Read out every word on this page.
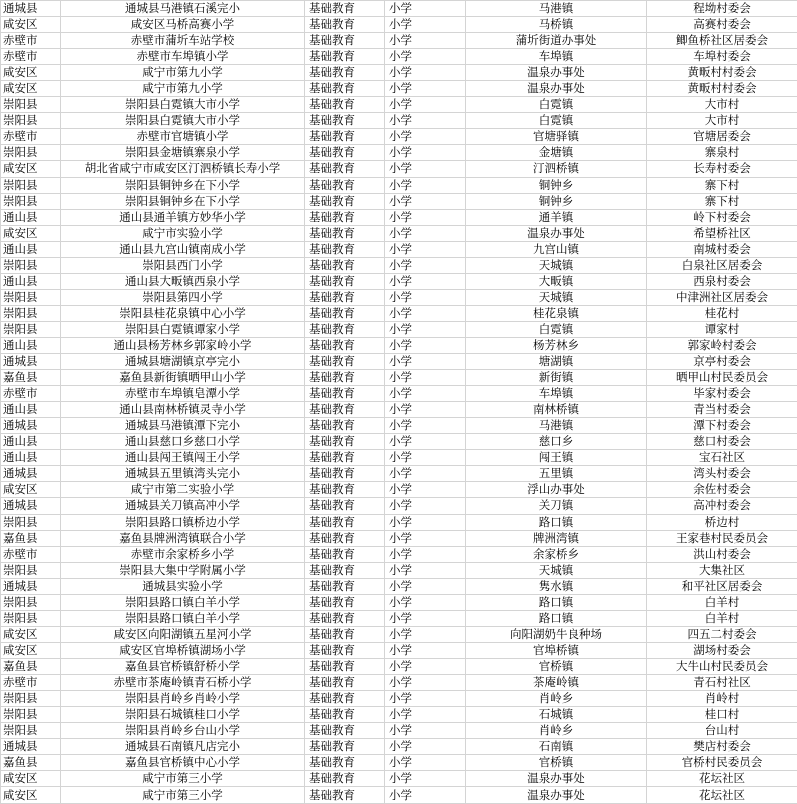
通城县	通城县马港镇石溪完小	基础教育	小学	马港镇	程坳村委会
咸安区	咸安区马桥高赛小学	基础教育	小学	马桥镇	高赛村委会
赤壁市	赤壁市蒲圻车站学校	基础教育	小学	蒲圻街道办事处	鲫鱼桥社区居委会
赤壁市	赤壁市车埠镇小学	基础教育	小学	车埠镇	车埠村委会
咸安区	咸宁市第九小学	基础教育	小学	温泉办事处	黄畈村村委会
咸安区	咸宁市第九小学	基础教育	小学	温泉办事处	黄畈村村委会
崇阳县	崇阳县白霓镇大市小学	基础教育	小学	白霓镇	大市村
崇阳县	崇阳县白霓镇大市小学	基础教育	小学	白霓镇	大市村
赤壁市	赤壁市官塘镇小学	基础教育	小学	官塘驿镇	官塘居委会
崇阳县	崇阳县金塘镇寨泉小学	基础教育	小学	金塘镇	寨泉村
咸安区	胡北省咸宁市咸安区汀泗桥镇长寿小学	基础教育	小学	汀泗桥镇	长寿村委会
崇阳县	崇阳县铜钟乡在下小学	基础教育	小学	铜钟乡	寨下村
崇阳县	崇阳县铜钟乡在下小学	基础教育	小学	铜钟乡	寨下村
通山县	通山县通羊镇方妙华小学	基础教育	小学	通羊镇	岭下村委会
咸安区	咸宁市实验小学	基础教育	小学	温泉办事处	希望桥社区
通山县	通山县九宫山镇南成小学	基础教育	小学	九宫山镇	南城村委会
崇阳县	崇阳县西门小学	基础教育	小学	天城镇	白泉社区居委会
通山县	通山县大畈镇西泉小学	基础教育	小学	大畈镇	西泉村委会
崇阳县	崇阳县第四小学	基础教育	小学	天城镇	中津洲社区居委会
崇阳县	崇阳县桂花泉镇中心小学	基础教育	小学	桂花泉镇	桂花村
崇阳县	崇阳县白霓镇谭家小学	基础教育	小学	白霓镇	谭家村
通山县	通山县杨芳林乡郭家岭小学	基础教育	小学	杨芳林乡	郭家岭村委会
通城县	通城县塘湖镇京亭完小	基础教育	小学	塘湖镇	京亭村委会
嘉鱼县	嘉鱼县新街镇晒甲山小学	基础教育	小学	新街镇	晒甲山村民委员会
赤壁市	赤壁市车埠镇皂潭小学	基础教育	小学	车埠镇	毕家村委会
通山县	通山县南林桥镇灵寺小学	基础教育	小学	南林桥镇	青当村委会
通城县	通城县马港镇潭下完小	基础教育	小学	马港镇	潭下村委会
通山县	通山县慈口乡慈口小学	基础教育	小学	慈口乡	慈口村委会
通山县	通山县闯王镇闯王小学	基础教育	小学	闯王镇	宝石社区
通城县	通城县五里镇湾头完小	基础教育	小学	五里镇	湾头村委会
咸安区	咸宁市第二实验小学	基础教育	小学	浮山办事处	余佐村委会
通城县	通城县关刀镇高冲小学	基础教育	小学	关刀镇	高冲村委会
崇阳县	崇阳县路口镇桥边小学	基础教育	小学	路口镇	桥边村
嘉鱼县	嘉鱼县牌洲湾镇联合小学	基础教育	小学	牌洲湾镇	王家巷村民委员会
赤壁市	赤壁市余家桥乡小学	基础教育	小学	余家桥乡	洪山村委会
崇阳县	崇阳县大集中学附属小学	基础教育	小学	天城镇	大集社区
通城县	通城县实验小学	基础教育	小学	隽水镇	和平社区居委会
崇阳县	崇阳县路口镇白羊小学	基础教育	小学	路口镇	白羊村
崇阳县	崇阳县路口镇白羊小学	基础教育	小学	路口镇	白羊村
咸安区	咸安区向阳湖镇五星河小学	基础教育	小学	向阳湖奶牛良种场	四五二村委会
咸安区	咸安区官埠桥镇湖场小学	基础教育	小学	官埠桥镇	湖场村委会
嘉鱼县	嘉鱼县官桥镇舒桥小学	基础教育	小学	官桥镇	大牛山村民委员会
赤壁市	赤壁市茶庵岭镇青石桥小学	基础教育	小学	茶庵岭镇	青石村社区
崇阳县	崇阳县肖岭乡肖岭小学	基础教育	小学	肖岭乡	肖岭村
崇阳县	崇阳县石城镇桂口小学	基础教育	小学	石城镇	桂口村
崇阳县	崇阳县肖岭乡台山小学	基础教育	小学	肖岭乡	台山村
通城县	通城县石南镇凡店完小	基础教育	小学	石南镇	樊店村委会
嘉鱼县	嘉鱼县官桥镇中心小学	基础教育	小学	官桥镇	官桥村民委员会
咸安区	咸宁市第三小学	基础教育	小学	温泉办事处	花坛社区
咸安区	咸宁市第三小学	基础教育	小学	温泉办事处	花坛社区
